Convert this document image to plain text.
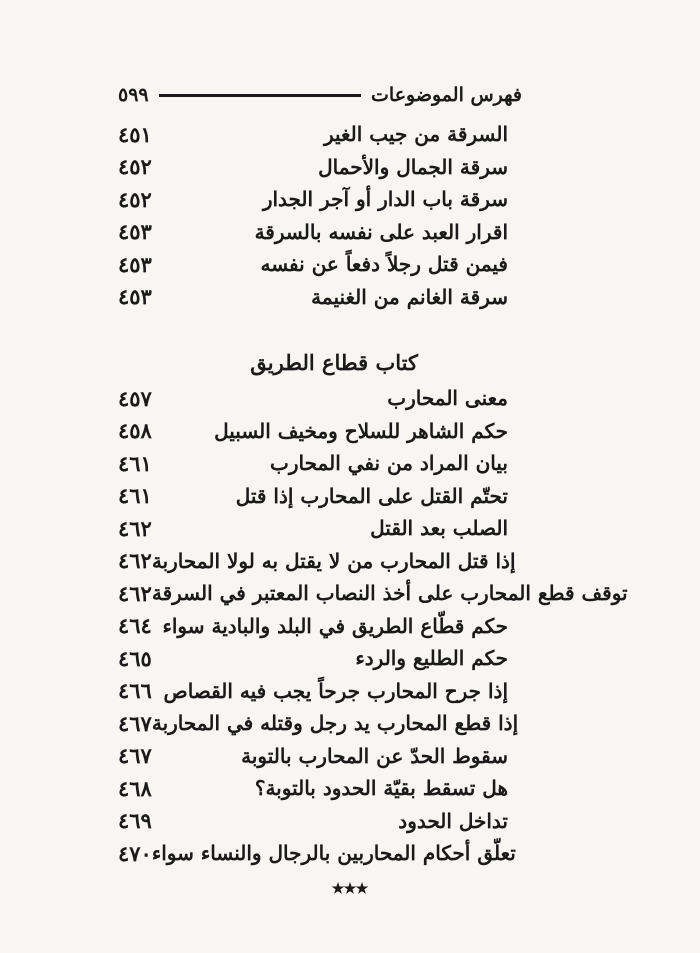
٥٩٩	فهرس الموضوعات
٤٥١	السرقة من جيب الغير
٤٥٢	سرقة الجمال والأحمال
٤٥٢	سرقة باب الدار أو آجر الجدار
٤٥٣	اقرار العبد على نفسه بالسرقة
٤٥٣	فيمن قتل رجلاً دفعاً عن نفسه
٤٥٣	سرقة الغانم من الغنيمة
كتاب قطاع الطريق
٤٥٧	معنى المحارب
٤٥٨	حكم الشاهر للسلاح ومخيف السبيل
٤٦١	بيان المراد من نفي المحارب
٤٦١	تحتّم القتل على المحارب إذا قتل
٤٦٢	الصلب بعد القتل
٤٦٢ إذا قتل المحارب من لا يقتل به لولا المحاربة
٤٦٢ توقف قطع المحارب على أخذ النصاب المعتبر في السرقة
٤٦٤ حكم قطّاع الطريق في البلد والبادية سواء
٤٦٥	حكم الطليع والردء
٤٦٦ إذا جرح المحارب جرحاً يجب فيه القصاص
٤٦٧ إذا قطع المحارب يد رجل وقتله في المحاربة
٤٦٧	سقوط الحدّ عن المحارب بالتوبة
٤٦٨	هل تسقط بقيّة الحدود بالتوبة؟
٤٦٩	تداخل الحدود
٤٧٠ تعلّق أحكام المحاربين بالرجال والنساء سواء
٭٭٭
